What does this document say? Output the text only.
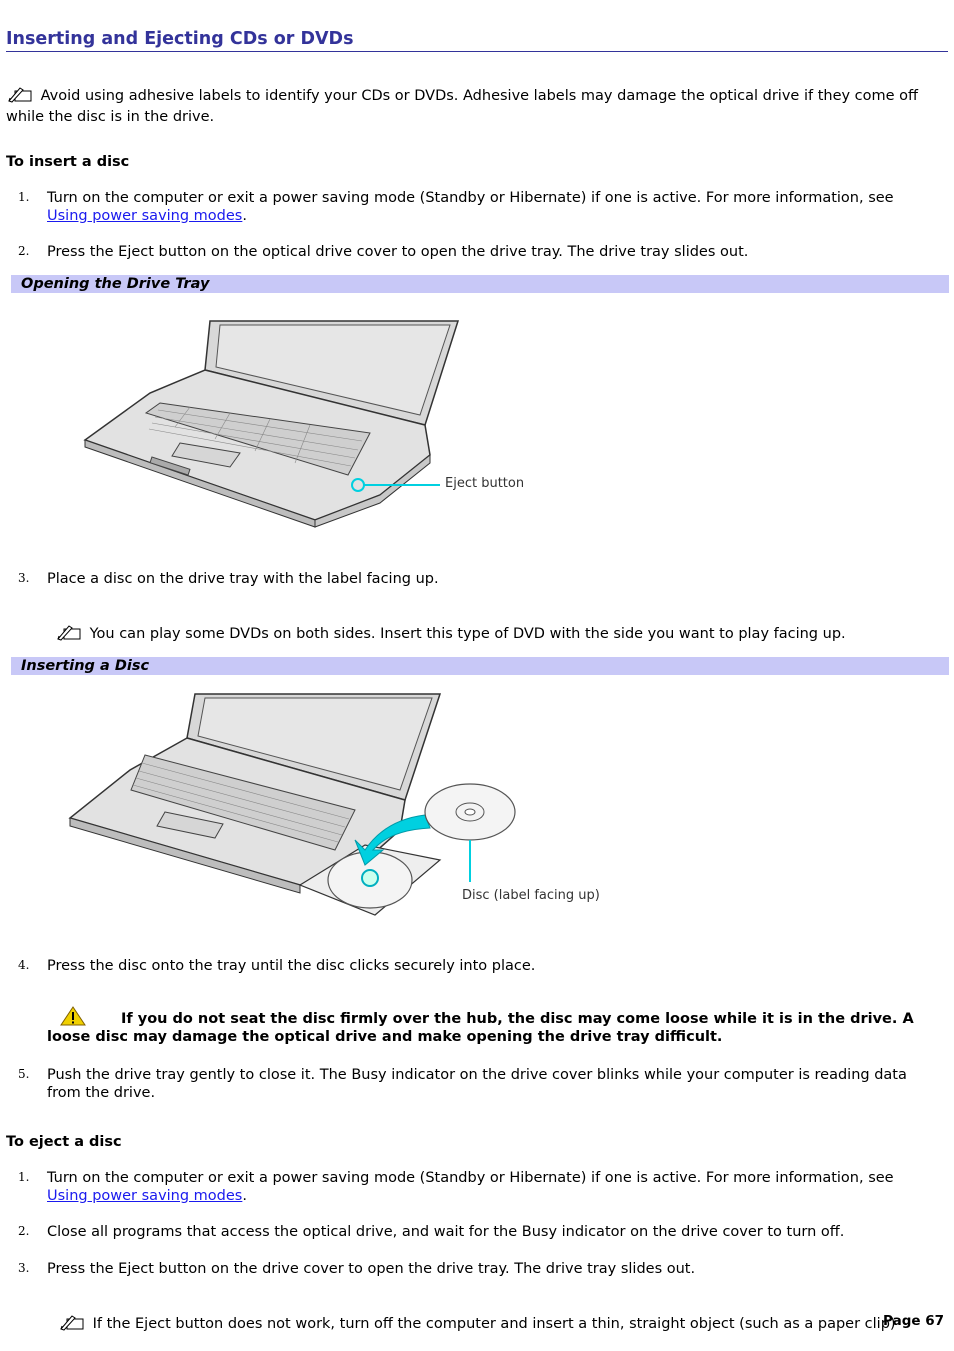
Inserting and Ejecting CDs or DVDs
Avoid using adhesive labels to identify your CDs or DVDs. Adhesive labels may damage the optical drive if they come off while the disc is in the drive.
To insert a disc
1. Turn on the computer or exit a power saving mode (Standby or Hibernate) if one is active. For more information, see Using power saving modes.
2. Press the Eject button on the optical drive cover to open the drive tray. The drive tray slides out.
Opening the Drive Tray
Eject button
3. Place a disc on the drive tray with the label facing up.
You can play some DVDs on both sides. Insert this type of DVD with the side you want to play facing up.
Inserting a Disc
Disc (label facing up)
4. Press the disc onto the tray until the disc clicks securely into place.
If you do not seat the disc firmly over the hub, the disc may come loose while it is in the drive. A loose disc may damage the optical drive and make opening the drive tray difficult.
5. Push the drive tray gently to close it. The Busy indicator on the drive cover blinks while your computer is reading data from the drive.
To eject a disc
1. Turn on the computer or exit a power saving mode (Standby or Hibernate) if one is active. For more information, see Using power saving modes.
2. Close all programs that access the optical drive, and wait for the Busy indicator on the drive cover to turn off.
3. Press the Eject button on the drive cover to open the drive tray. The drive tray slides out.
If the Eject button does not work, turn off the computer and insert a thin, straight object (such as a paper clip)
Page 67
